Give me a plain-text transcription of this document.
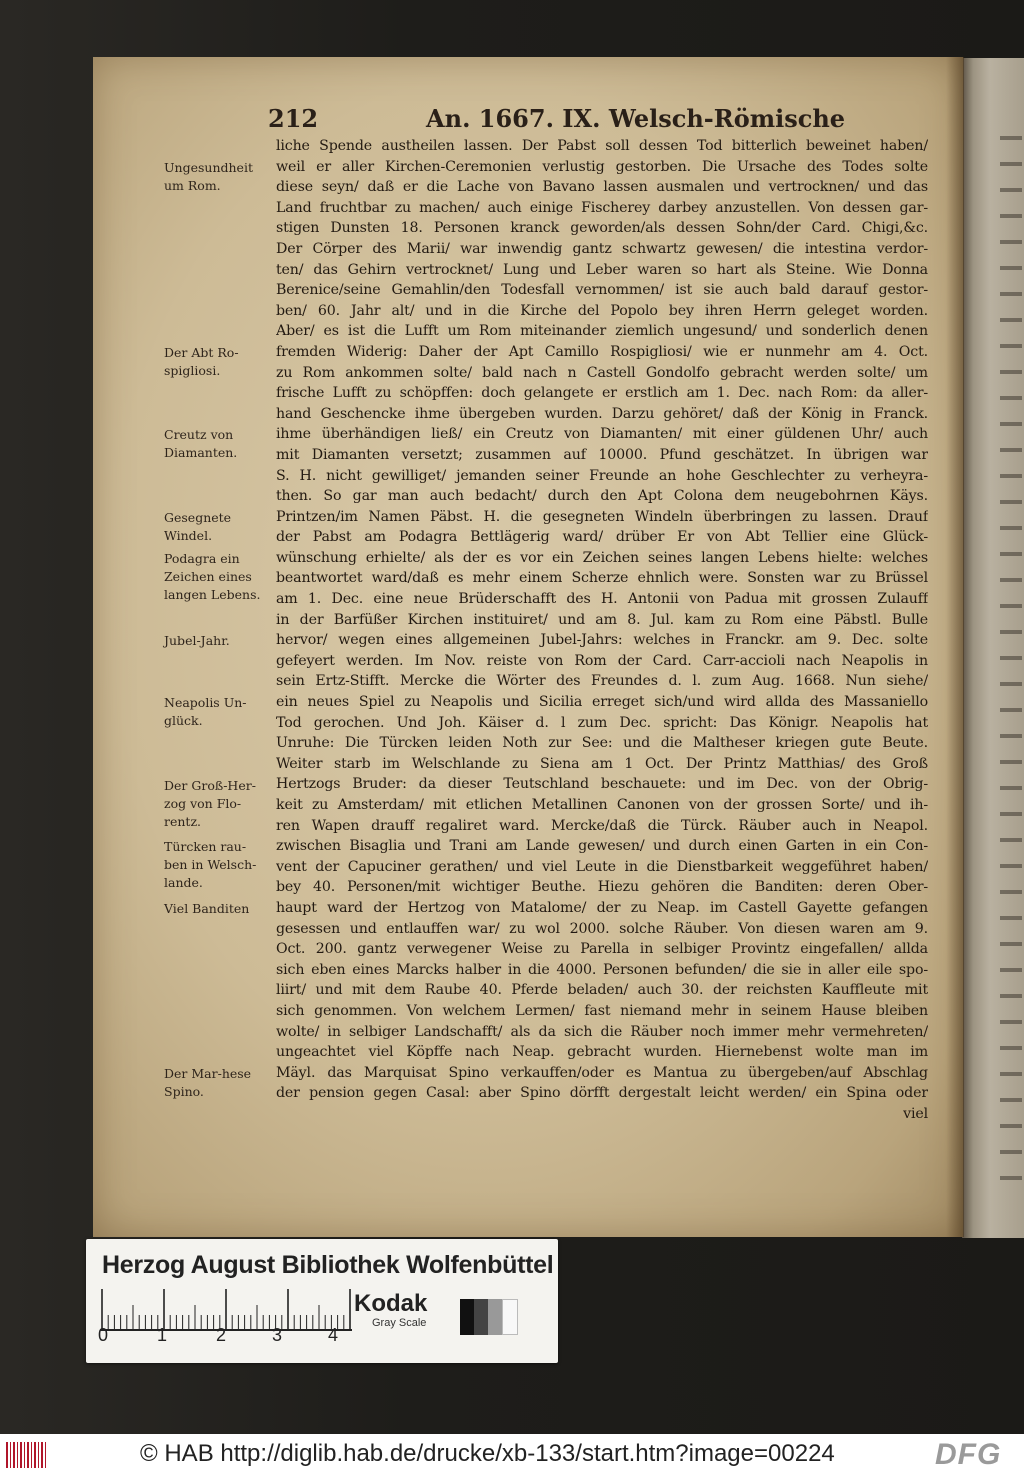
212	An. 1667. IX. Welsch-Römische
Ungesundheit
um Rom.
Der Abt Ro-
spigliosi.
Creutz von
Diamanten.
Gesegnete
Windel.
Podagra ein
Zeichen eines
langen Lebens.
Jubel-Jahr.
Neapolis Un-
glück.
Der Groß-Her-
zog von Flo-
rentz.
Türcken rau-
ben in Welsch-
lande.
Viel Banditen
Der Mar-hese
Spino.
liche Spende austheilen lassen. Der Pabst soll dessen Tod bitterlich beweinet haben/
weil er aller Kirchen-Ceremonien verlustig gestorben. Die Ursache des Todes solte
diese seyn/ daß er die Lache von Bavano lassen ausmalen und vertrocknen/ und das
Land fruchtbar zu machen/ auch einige Fischerey darbey anzustellen. Von dessen gar-
stigen Dunsten 18. Personen kranck geworden/als dessen Sohn/der Card. Chigi,&c.
Der Cörper des Marii/ war inwendig gantz schwartz gewesen/ die intestina verdor-
ten/ das Gehirn vertrocknet/ Lung und Leber waren so hart als Steine. Wie Donna
Berenice/seine Gemahlin/den Todesfall vernommen/ ist sie auch bald darauf gestor-
ben/ 60. Jahr alt/ und in die Kirche del Popolo bey ihren Herrn geleget worden.
Aber/ es ist die Lufft um Rom miteinander ziemlich ungesund/ und sonderlich denen
fremden Widerig: Daher der Apt Camillo Rospigliosi/ wie er nunmehr am 4. Oct.
zu Rom ankommen solte/ bald nach n Castell Gondolfo gebracht werden solte/ um
frische Lufft zu schöpffen: doch gelangete er erstlich am 1. Dec. nach Rom: da aller-
hand Geschencke ihme übergeben wurden. Darzu gehöret/ daß der König in Franck.
ihme überhändigen ließ/ ein Creutz von Diamanten/ mit einer güldenen Uhr/ auch
mit Diamanten versetzt; zusammen auf 10000. Pfund geschätzet. In übrigen war
S. H. nicht gewilliget/ jemanden seiner Freunde an hohe Geschlechter zu verheyra-
then. So gar man auch bedacht/ durch den Apt Colona dem neugebohrnen Käys.
Printzen/im Namen Päbst. H. die gesegneten Windeln überbringen zu lassen. Drauf
der Pabst am Podagra Bettlägerig ward/ drüber Er von Abt Tellier eine Glück-
wünschung erhielte/ als der es vor ein Zeichen seines langen Lebens hielte: welches
beantwortet ward/daß es mehr einem Scherze ehnlich were. Sonsten war zu Brüssel
am 1. Dec. eine neue Brüderschafft des H. Antonii von Padua mit grossen Zulauff
in der Barfüßer Kirchen instituiret/ und am 8. Jul. kam zu Rom eine Päbstl. Bulle
hervor/ wegen eines allgemeinen Jubel-Jahrs: welches in Franckr. am 9. Dec. solte
gefeyert werden. Im Nov. reiste von Rom der Card. Carr-accioli nach Neapolis in
sein Ertz-Stifft. Mercke die Wörter des Freundes d. l. zum Aug. 1668. Nun siehe/
ein neues Spiel zu Neapolis und Sicilia erreget sich/und wird allda des Massaniello
Tod gerochen. Und Joh. Käiser d. l zum Dec. spricht: Das Königr. Neapolis hat
Unruhe: Die Türcken leiden Noth zur See: und die Maltheser kriegen gute Beute.
Weiter starb im Welschlande zu Siena am 1 Oct. Der Printz Matthias/ des Groß
Hertzogs Bruder: da dieser Teutschland beschauete: und im Dec. von der Obrig-
keit zu Amsterdam/ mit etlichen Metallinen Canonen von der grossen Sorte/ und ih-
ren Wapen drauff regaliret ward. Mercke/daß die Türck. Räuber auch in Neapol.
zwischen Bisaglia und Trani am Lande gewesen/ und durch einen Garten in ein Con-
vent der Capuciner gerathen/ und viel Leute in die Dienstbarkeit weggeführet haben/
bey 40. Personen/mit wichtiger Beuthe. Hiezu gehören die Banditen: deren Ober-
haupt ward der Hertzog von Matalome/ der zu Neap. im Castell Gayette gefangen
gesessen und entlauffen war/ zu wol 2000. solche Räuber. Von diesen waren am 9.
Oct. 200. gantz verwegener Weise zu Parella in selbiger Provintz eingefallen/ allda
sich eben eines Marcks halber in die 4000. Personen befunden/ die sie in aller eile spo-
liirt/ und mit dem Raube 40. Pferde beladen/ auch 30. der reichsten Kauffleute mit
sich genommen. Von welchem Lermen/ fast niemand mehr in seinem Hause bleiben
wolte/ in selbiger Landschafft/ als da sich die Räuber noch immer mehr vermehreten/
ungeachtet viel Köpffe nach Neap. gebracht wurden. Hiernebenst wolte man im
Mäyl. das Marquisat Spino verkauffen/oder es Mantua zu übergeben/auf Abschlag
der pension gegen Casal: aber Spino dörfft dergestalt leicht werden/ ein Spina oder
viel
Herzog August Bibliothek Wolfenbüttel
0	1	2	3	4
Kodak
Gray Scale
© HAB http://diglib.hab.de/drucke/xb-133/start.htm?image=00224	DFG
